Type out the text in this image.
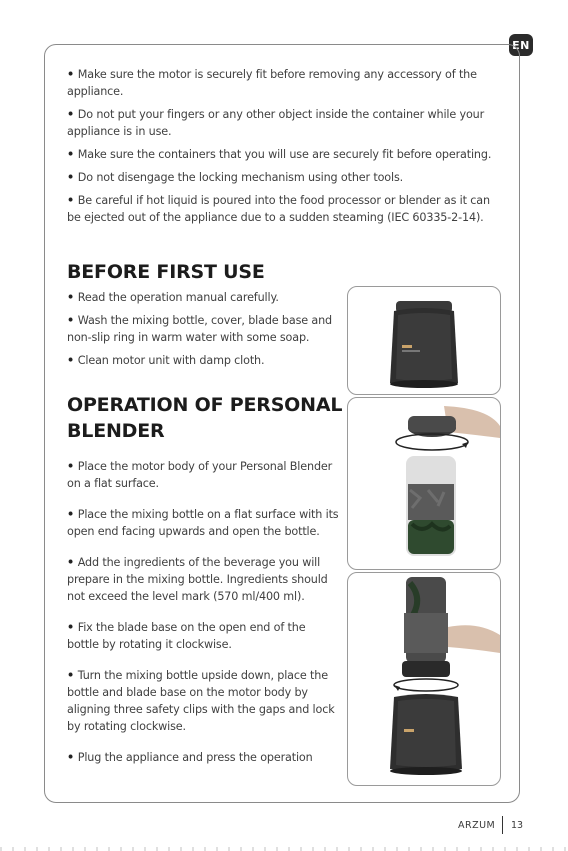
EN

• Make sure the motor is securely fit before removing any accessory of the appliance.

• Do not put your fingers or any other object inside the container while your appliance is in use.

• Make sure the containers that you will use are securely fit before operating.

• Do not disengage the locking mechanism using other tools.

• Be careful if hot liquid is poured into the food processor or blender as it can be ejected out of the appliance due to a sudden steaming (IEC 60335-2-14).

BEFORE FIRST USE

• Read the operation manual carefully.

• Wash the mixing bottle, cover, blade base and non-slip ring in warm water with some soap.

• Clean motor unit with damp cloth.

OPERATION OF PERSONAL BLENDER

• Place the motor body of your Personal Blender on a flat surface.

• Place the mixing bottle on a flat surface with its open end facing upwards and open the bottle.

• Add the ingredients of the beverage you will prepare in the mixing bottle. Ingredients should not exceed the level mark (570 ml/400 ml).

• Fix the blade base on the open end of the bottle by rotating it clockwise.

• Turn the mixing bottle upside down, place the bottle and blade base on the motor body by aligning three safety clips with the gaps and lock by rotating clockwise.

• Plug the appliance and press the operation

ARZUM 13
